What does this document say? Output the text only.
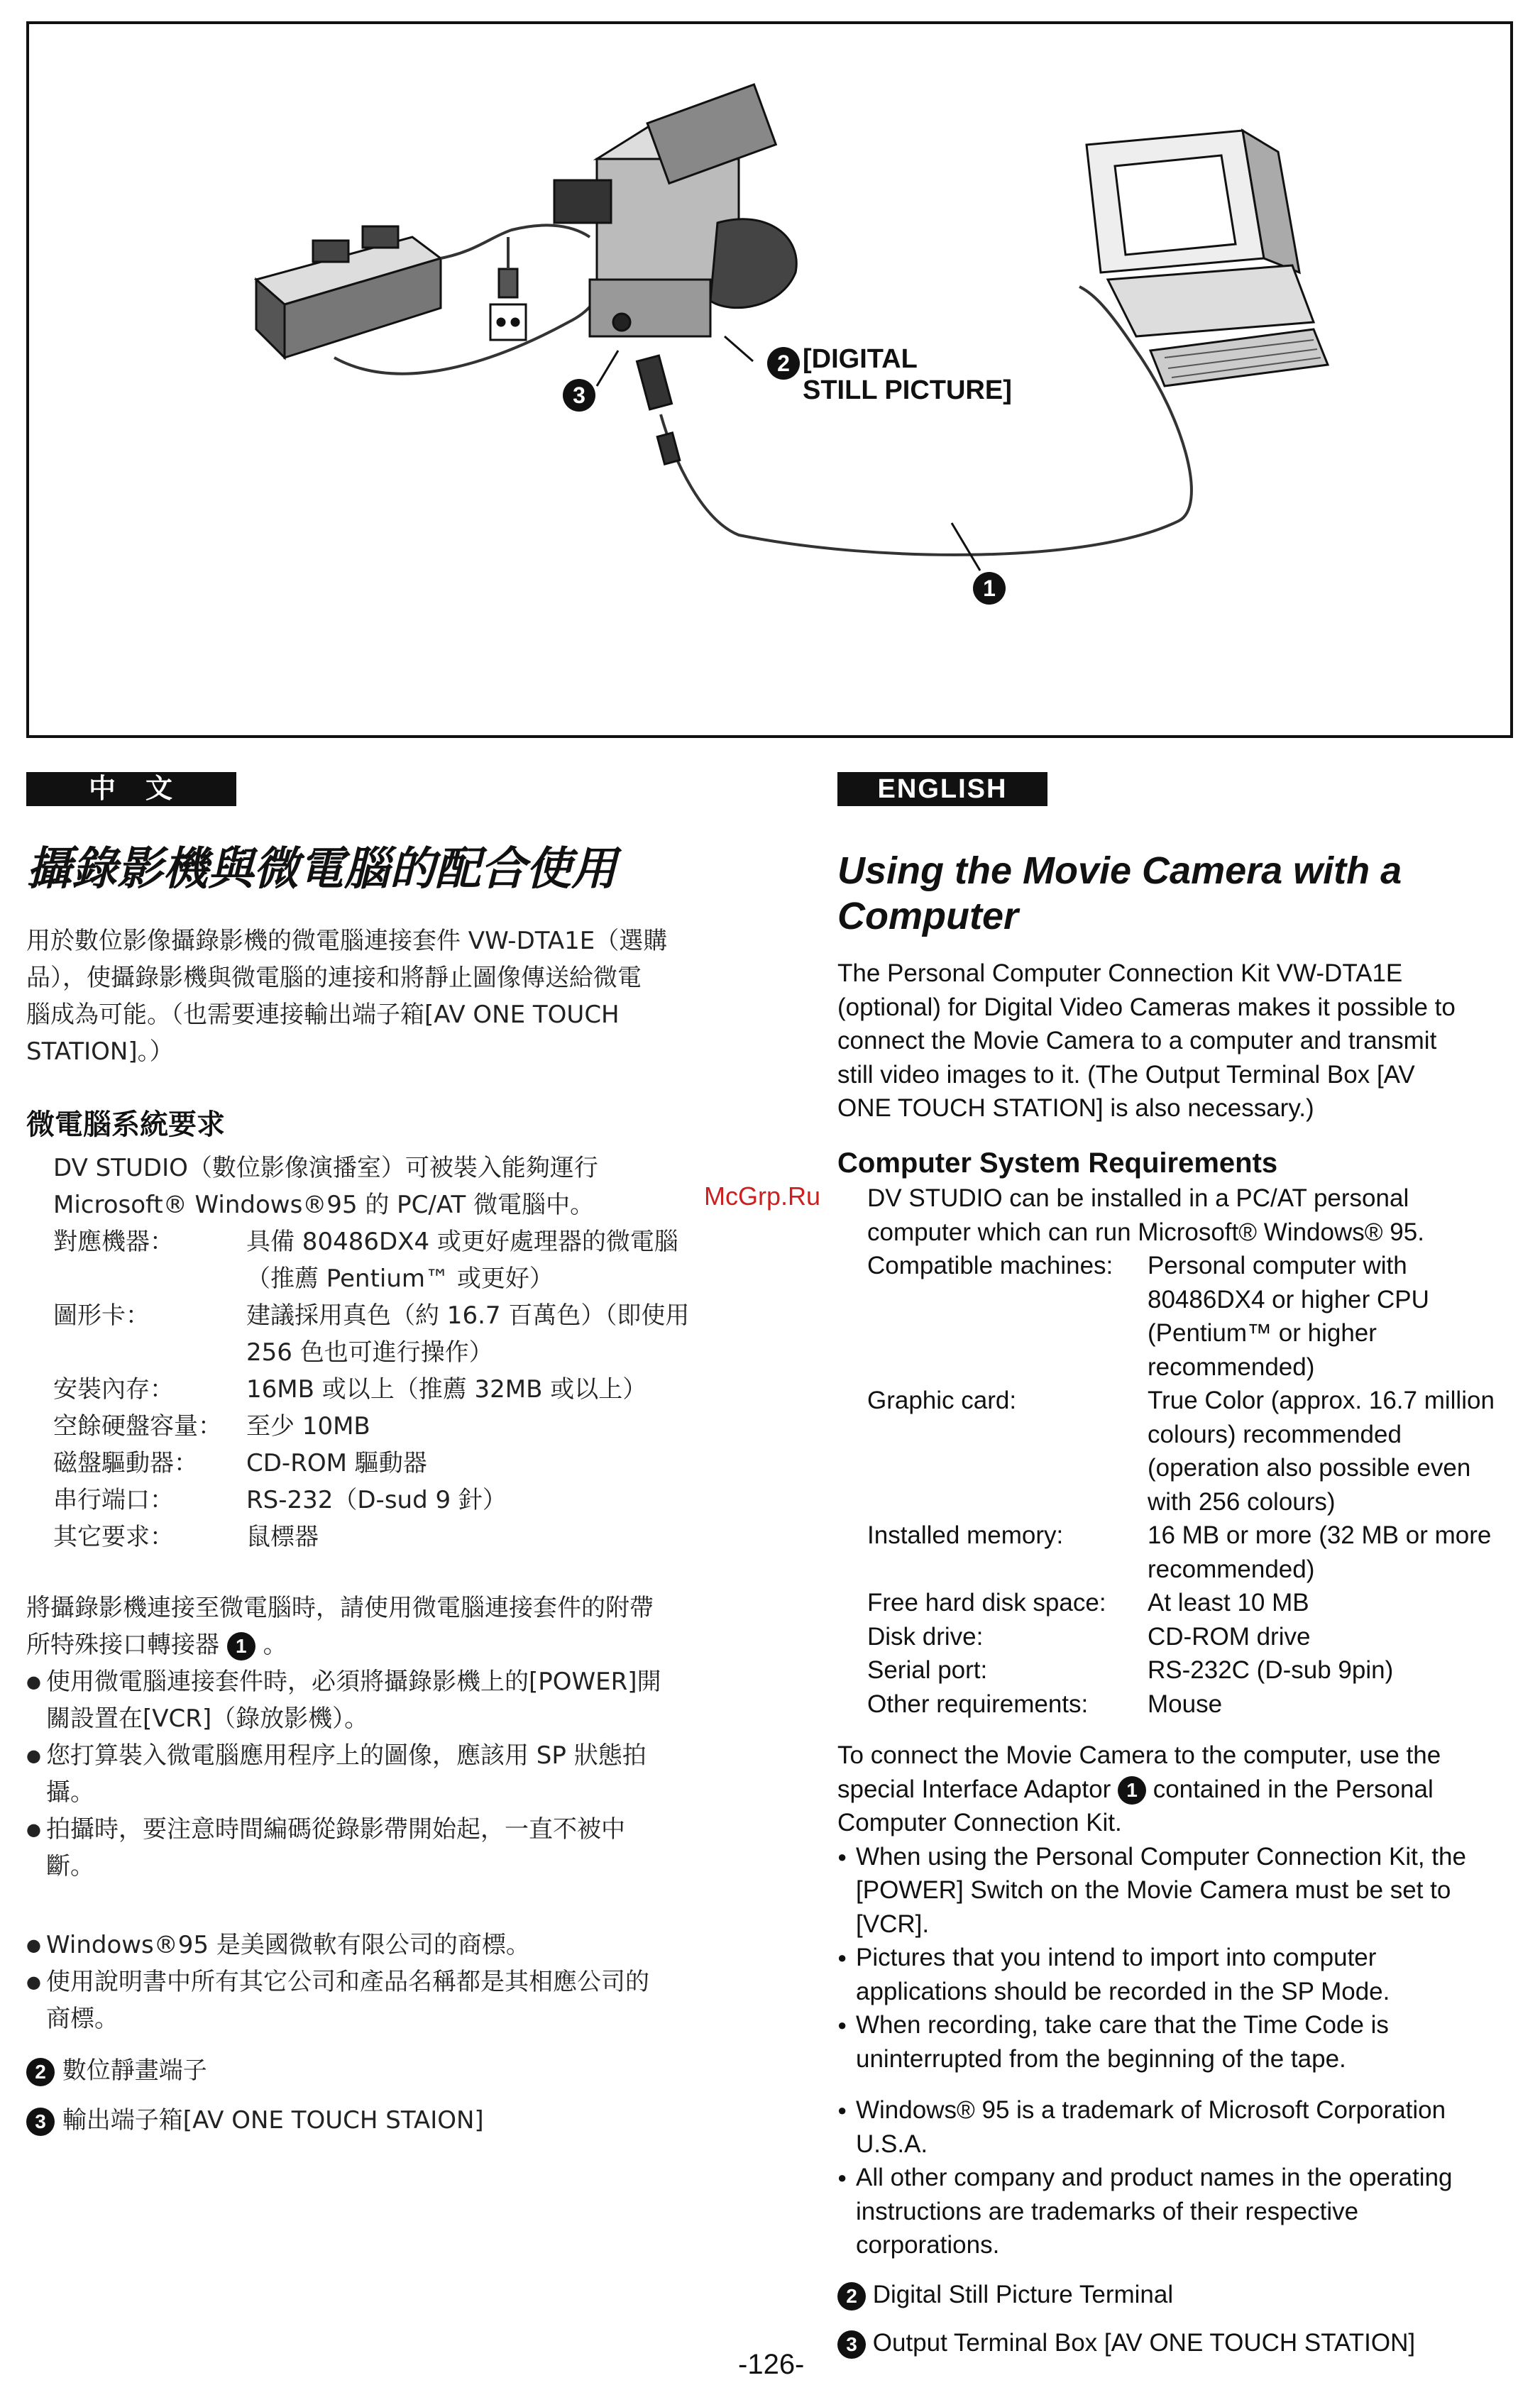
2 [DIGITAL
STILL PICTURE]
3
1
中　文
攝錄影機與微電腦的配合使用
用於數位影像攝錄影機的微電腦連接套件 VW-DTA1E（選購
品），使攝錄影機與微電腦的連接和將靜止圖像傳送給微電
腦成為可能。（也需要連接輸出端子箱[AV ONE TOUCH
STATION]。）
微電腦系統要求
DV STUDIO（數位影像演播室）可被裝入能夠運行
Microsoft® Windows®95 的 PC/AT 微電腦中。
對應機器：	具備 80486DX4 或更好處理器的微電腦
（推薦 Pentium™ 或更好）
圖形卡：	建議採用真色（約 16.7 百萬色）（即使用
256 色也可進行操作）
安裝內存：	16MB 或以上（推薦 32MB 或以上）
空餘硬盤容量：	至少 10MB
磁盤驅動器：	CD-ROM 驅動器
串行端口：	RS-232（D-sud 9 針）
其它要求：	鼠標器
將攝錄影機連接至微電腦時，請使用微電腦連接套件的附帶
所特殊接口轉接器 1 。
● 使用微電腦連接套件時，必須將攝錄影機上的[POWER]開
關設置在[VCR]（錄放影機）。
● 您打算裝入微電腦應用程序上的圖像，應該用 SP 狀態拍
攝。
● 拍攝時，要注意時間編碼從錄影帶開始起，一直不被中
斷。
● Windows®95 是美國微軟有限公司的商標。
● 使用說明書中所有其它公司和產品名稱都是其相應公司的
商標。
2 數位靜畫端子
3 輸出端子箱[AV ONE TOUCH STAION]
McGrp.Ru
ENGLISH
Using the Movie Camera with a
Computer
The Personal Computer Connection Kit VW-DTA1E
(optional) for Digital Video Cameras makes it possible to
connect the Movie Camera to a computer and transmit
still video images to it. (The Output Terminal Box [AV
ONE TOUCH STATION] is also necessary.)
Computer System Requirements
DV STUDIO can be installed in a PC/AT personal
computer which can run Microsoft® Windows® 95.
Compatible machines:	Personal computer with
80486DX4 or higher CPU
(Pentium™ or higher
recommended)
Graphic card:	True Color (approx. 16.7 million
colours) recommended
(operation also possible even
with 256 colours)
Installed memory:	16 MB or more (32 MB or more
recommended)
Free hard disk space:	At least 10 MB
Disk drive:	CD-ROM drive
Serial port:	RS-232C (D-sub 9pin)
Other requirements:	Mouse
To connect the Movie Camera to the computer, use the
special Interface Adaptor 1 contained in the Personal
Computer Connection Kit.
● When using the Personal Computer Connection Kit, the
[POWER] Switch on the Movie Camera must be set to
[VCR].
● Pictures that you intend to import into computer
applications should be recorded in the SP Mode.
● When recording, take care that the Time Code is
uninterrupted from the beginning of the tape.
● Windows® 95 is a trademark of Microsoft Corporation
U.S.A.
● All other company and product names in the operating
instructions are trademarks of their respective
corporations.
2 Digital Still Picture Terminal
3 Output Terminal Box [AV ONE TOUCH STATION]
-126-
